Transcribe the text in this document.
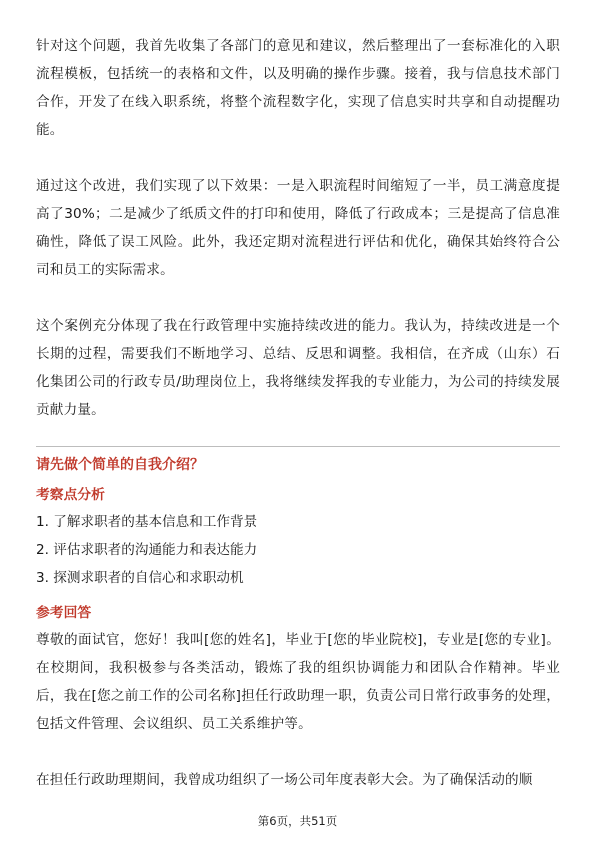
针对这个问题，我首先收集了各部门的意见和建议，然后整理出了一套标准化的入职流程模板，包括统一的表格和文件，以及明确的操作步骤。接着，我与信息技术部门合作，开发了在线入职系统，将整个流程数字化，实现了信息实时共享和自动提醒功能。

通过这个改进，我们实现了以下效果：一是入职流程时间缩短了一半，员工满意度提高了30%；二是减少了纸质文件的打印和使用，降低了行政成本；三是提高了信息准确性，降低了误工风险。此外，我还定期对流程进行评估和优化，确保其始终符合公司和员工的实际需求。

这个案例充分体现了我在行政管理中实施持续改进的能力。我认为，持续改进是一个长期的过程，需要我们不断地学习、总结、反思和调整。我相信，在齐成（山东）石化集团公司的行政专员/助理岗位上，我将继续发挥我的专业能力，为公司的持续发展贡献力量。

请先做个简单的自我介绍？

考察点分析

1. 了解求职者的基本信息和工作背景
2. 评估求职者的沟通能力和表达能力
3. 探测求职者的自信心和求职动机

参考回答

尊敬的面试官，您好！我叫[您的姓名]，毕业于[您的毕业院校]，专业是[您的专业]。在校期间，我积极参与各类活动，锻炼了我的组织协调能力和团队合作精神。毕业后，我在[您之前工作的公司名称]担任行政助理一职，负责公司日常行政事务的处理，包括文件管理、会议组织、员工关系维护等。

在担任行政助理期间，我曾成功组织了一场公司年度表彰大会。为了确保活动的顺

第6页，共51页
